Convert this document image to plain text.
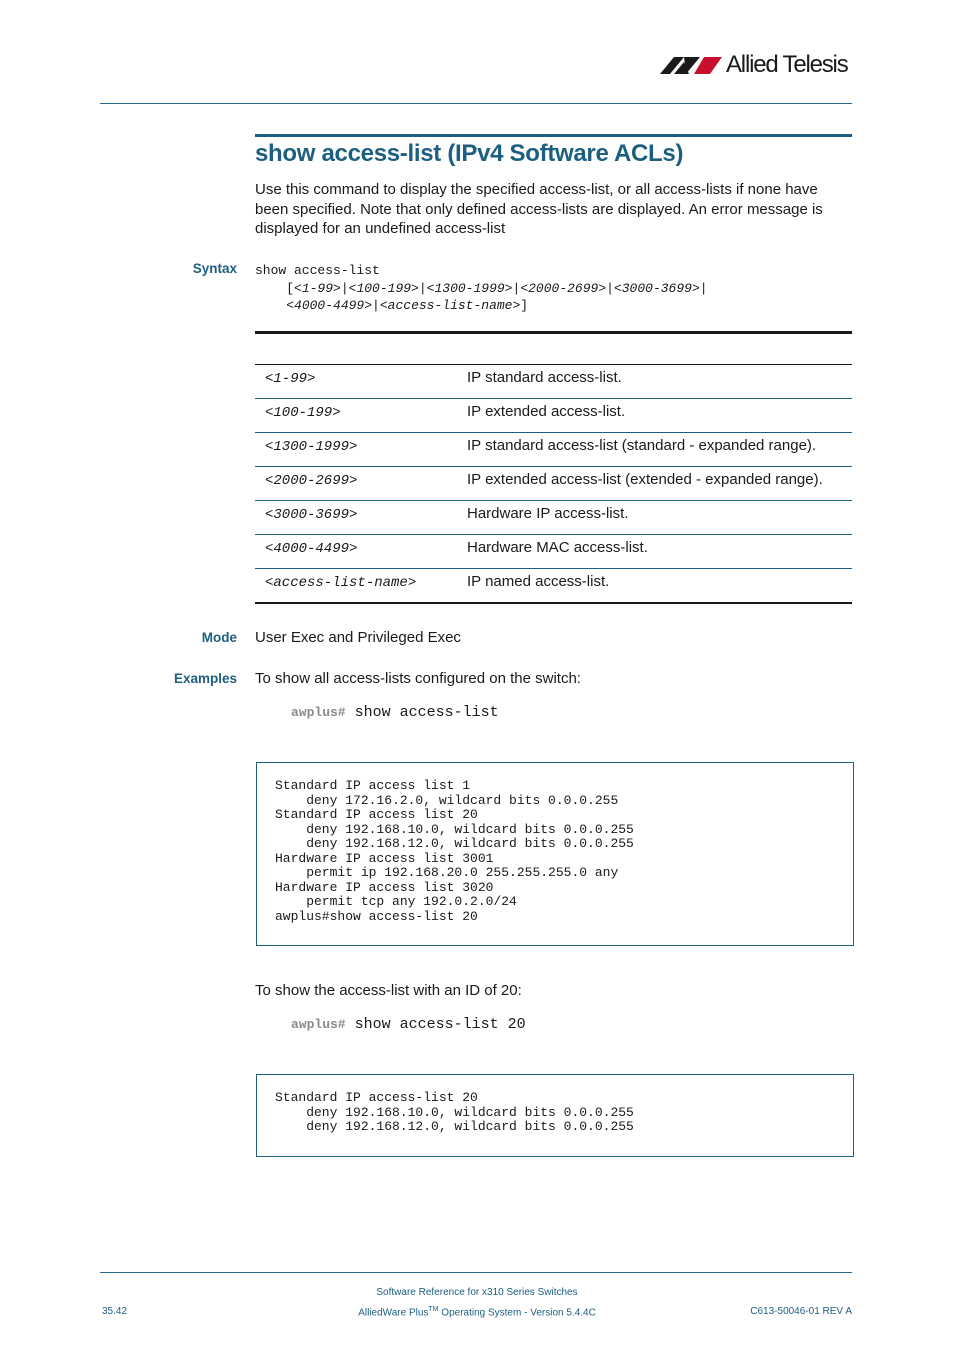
Allied Telesis
show access-list (IPv4 Software ACLs)
Use this command to display the specified access-list, or all access-lists if none have been specified. Note that only defined access-lists are displayed. An error message is displayed for an undefined access-list
Syntax show access-list
[<1-99>|<100-199>|<1300-1999>|<2000-2699>|<3000-3699>|
<4000-4499>|<access-list-name>]
<1-99>	IP standard access-list.
<100-199>	IP extended access-list.
<1300-1999>	IP standard access-list (standard - expanded range).
<2000-2699>	IP extended access-list (extended - expanded range).
<3000-3699>	Hardware IP access-list.
<4000-4499>	Hardware MAC access-list.
<access-list-name>	IP named access-list.
Mode User Exec and Privileged Exec
Examples To show all access-lists configured on the switch:
awplus# show access-list
Standard IP access list 1
deny 172.16.2.0, wildcard bits 0.0.0.255
Standard IP access list 20
deny 192.168.10.0, wildcard bits 0.0.0.255
deny 192.168.12.0, wildcard bits 0.0.0.255
Hardware IP access list 3001
permit ip 192.168.20.0 255.255.255.0 any
Hardware IP access list 3020
permit tcp any 192.0.2.0/24
awplus#show access-list 20
To show the access-list with an ID of 20:
awplus# show access-list 20
Standard IP access-list 20
deny 192.168.10.0, wildcard bits 0.0.0.255
deny 192.168.12.0, wildcard bits 0.0.0.255
Software Reference for x310 Series Switches
35.42	AlliedWare Plus™ Operating System - Version 5.4.4C	C613-50046-01 REV A
